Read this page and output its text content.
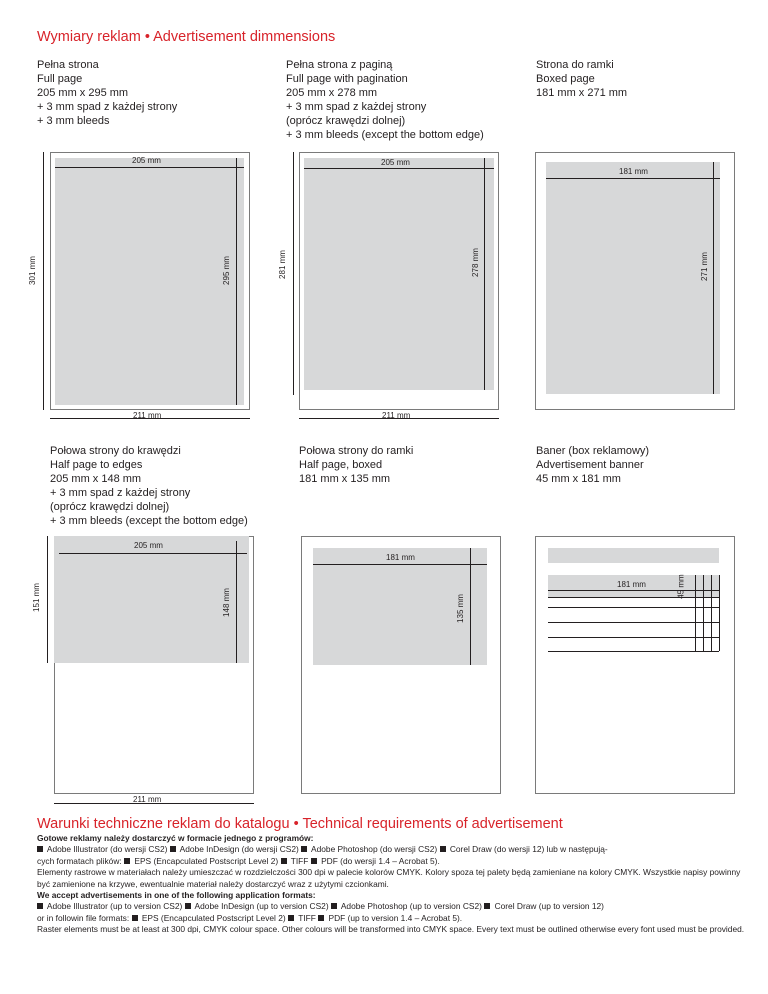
Wymiary reklam • Advertisement dimmensions
Pełna strona
Full page
205 mm x 295 mm
+ 3 mm spad z każdej strony
+ 3 mm bleeds
Pełna strona z paginą
Full page with pagination
205 mm x 278 mm
+ 3 mm spad z każdej strony
(oprócz krawędzi dolnej)
+ 3 mm bleeds (except the bottom edge)
Strona do ramki
Boxed page
181 mm x 271 mm
205 mm
295 mm
301 mm
211 mm
205 mm
278 mm
281 mm
211 mm
181 mm
271 mm
Połowa strony do krawędzi
Half page to edges
205 mm x 148 mm
+ 3 mm spad z każdej strony
(oprócz krawędzi dolnej)
+ 3 mm bleeds (except the bottom edge)
Połowa strony do ramki
Half page, boxed
181 mm x 135 mm
Baner (box reklamowy)
Advertisement banner
45 mm x 181 mm
205 mm
148 mm
151 mm
211 mm
181 mm
135 mm
181 mm	45 mm
Warunki techniczne reklam do katalogu • Technical requirements of advertisement
Gotowe reklamy należy dostarczyć w formacie jednego z programów:
Adobe Illustrator (do wersji CS2) Adobe InDesign (do wersji CS2) Adobe Photoshop (do wersji CS2) Corel Draw (do wersji 12) lub w następują-
cych formatach plików: EPS (Encapculated Postscript Level 2) TIFF PDF (do wersji 1.4 – Acrobat 5).
Elementy rastrowe w materiałach należy umieszczać w rozdzielczości 300 dpi w palecie kolorów CMYK. Kolory spoza tej palety będą zamieniane na kolory CMYK. Wszystkie napisy powinny być zamienione na krzywe, ewentualnie materiał należy dostarczyć wraz z użytymi czcionkami.
We accept advertisements in one of the following application formats:
Adobe Illustrator (up to version CS2) Adobe InDesign (up to version CS2) Adobe Photoshop (up to version CS2) Corel Draw (up to version 12)
or in followin file formats: EPS (Encapculated Postscript Level 2) TIFF PDF (up to version 1.4 – Acrobat 5).
Raster elements must be at least at 300 dpi, CMYK colour space. Other colours will be transformed into CMYK space. Every text must be outlined otherwise every font used must be provided.
